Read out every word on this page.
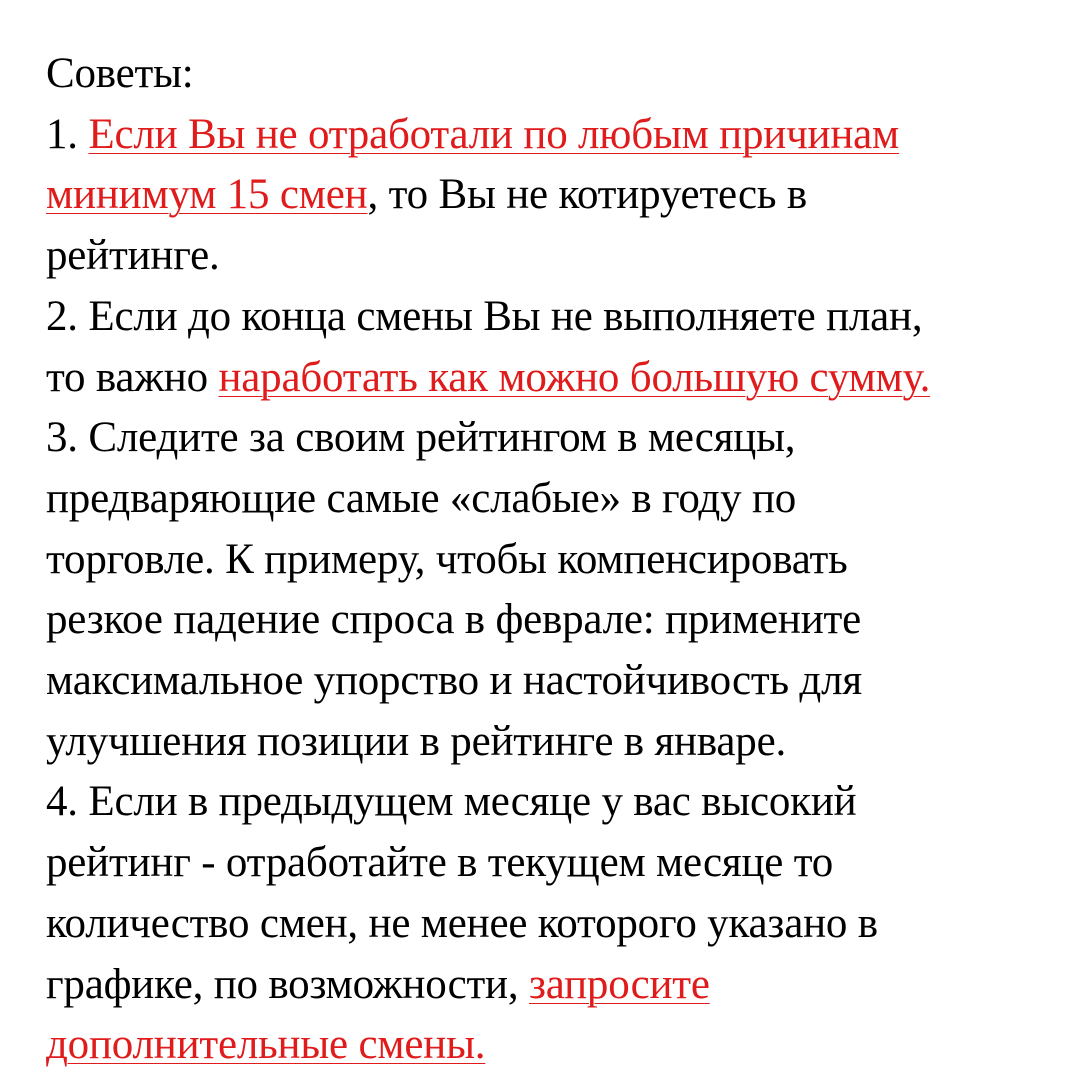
Советы:
1. Если Вы не отработали по любым причинам
минимум 15 смен, то Вы не котируетесь в
рейтинге.
2. Если до конца смены Вы не выполняете план,
то важно наработать как можно большую сумму.
3. Следите за своим рейтингом в месяцы,
предваряющие самые «слабые» в году по
торговле. К примеру, чтобы компенсировать
резкое падение спроса в феврале: примените
максимальное упорство и настойчивость для
улучшения позиции в рейтинге в январе.
4. Если в предыдущем месяце у вас высокий
рейтинг - отработайте в текущем месяце то
количество смен, не менее которого указано в
графике, по возможности, запросите
дополнительные смены.
